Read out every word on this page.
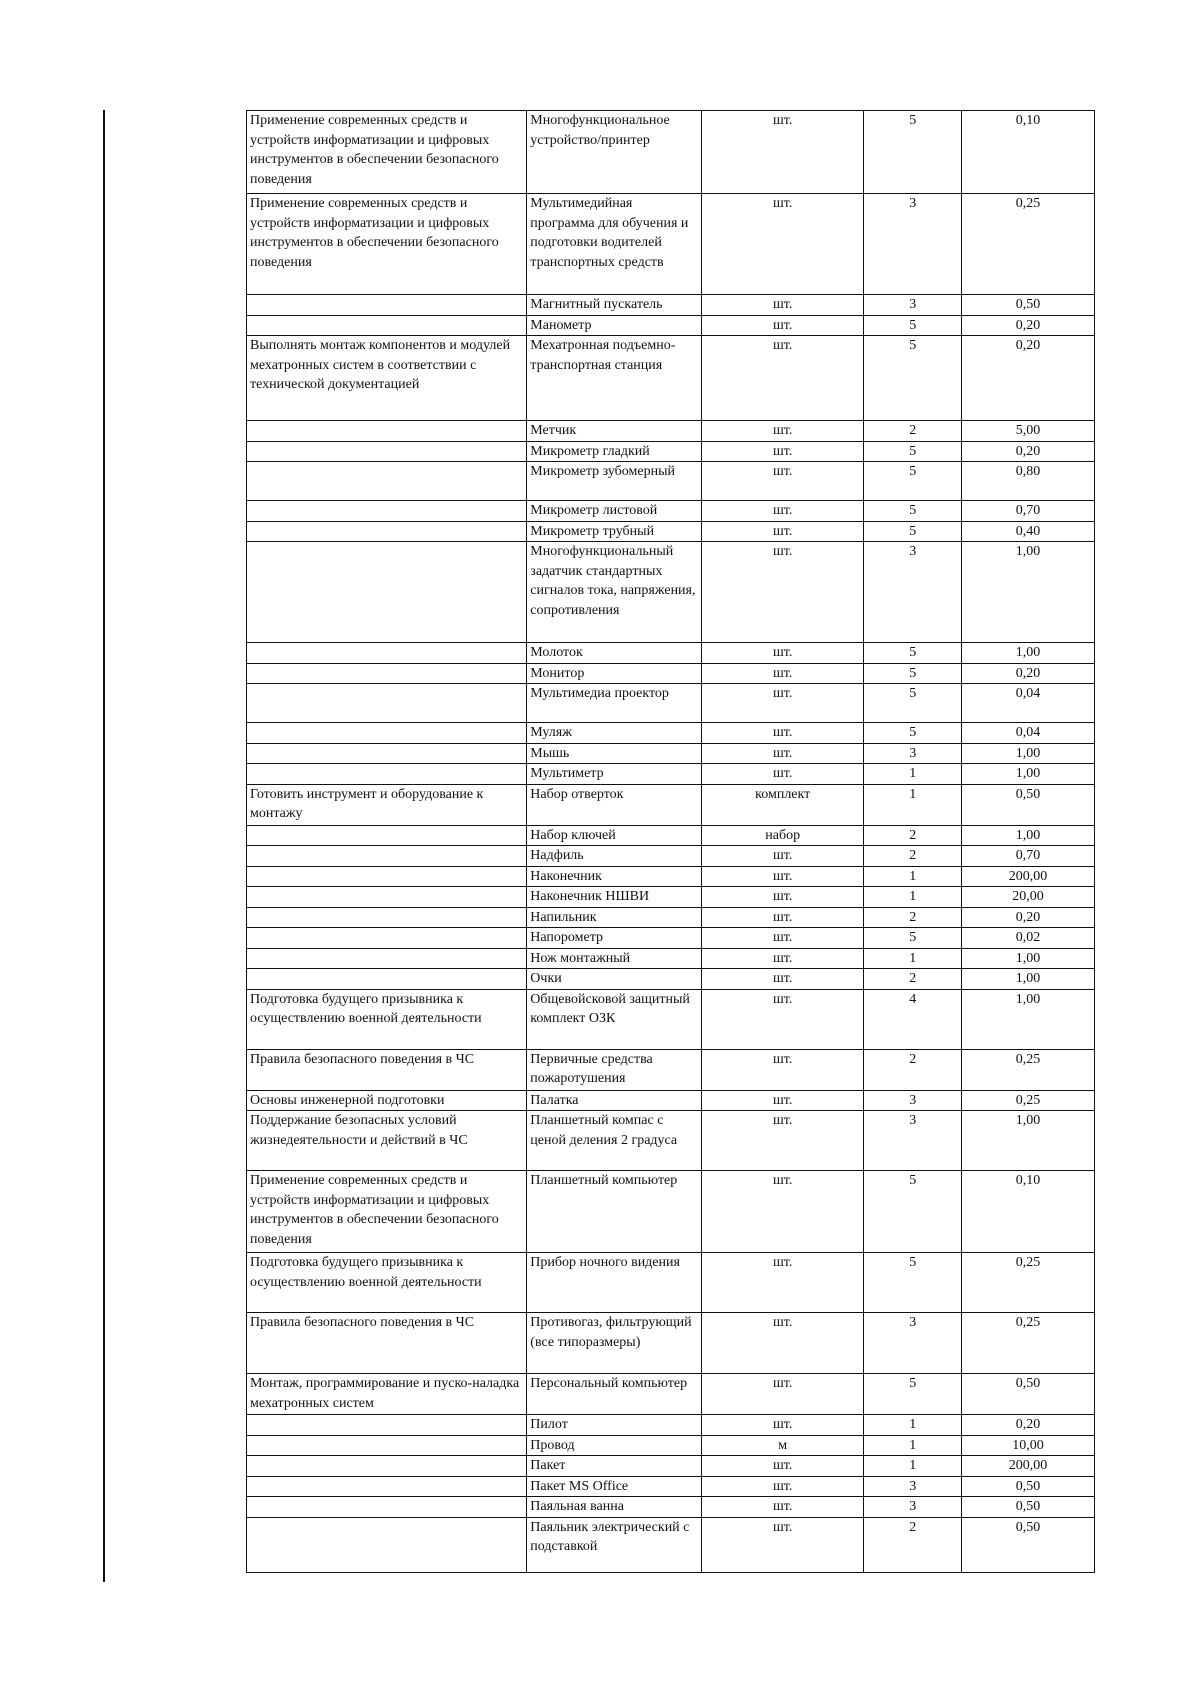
Применение современных средств и устройств информатизации и цифровых инструментов в обеспечении безопасного поведения	Многофункциональное устройство/принтер	шт.	5	0,10
Применение современных средств и устройств информатизации и цифровых инструментов в обеспечении безопасного поведения	Мультимедийная программа для обучения и подготовки водителей транспортных средств	шт.	3	0,25
	Магнитный пускатель	шт.	3	0,50
	Манометр	шт.	5	0,20
Выполнять монтаж компонентов и модулей мехатронных систем в соответствии с технической документацией	Мехатронная подъемно-транспортная станция	шт.	5	0,20
	Метчик	шт.	2	5,00
	Микрометр гладкий	шт.	5	0,20
	Микрометр зубомерный	шт.	5	0,80
	Микрометр листовой	шт.	5	0,70
	Микрометр трубный	шт.	5	0,40
	Многофункциональный задатчик стандартных сигналов тока, напряжения, сопротивления	шт.	3	1,00
	Молоток	шт.	5	1,00
	Монитор	шт.	5	0,20
	Мультимедиа проектор	шт.	5	0,04
	Муляж	шт.	5	0,04
	Мышь	шт.	3	1,00
	Мультиметр	шт.	1	1,00
Готовить инструмент и оборудование к монтажу	Набор отверток	комплект	1	0,50
	Набор ключей	набор	2	1,00
	Надфиль	шт.	2	0,70
	Наконечник	шт.	1	200,00
	Наконечник НШВИ	шт.	1	20,00
	Напильник	шт.	2	0,20
	Напорометр	шт.	5	0,02
	Нож монтажный	шт.	1	1,00
	Очки	шт.	2	1,00
Подготовка будущего призывника к осуществлению военной деятельности	Общевойсковой защитный комплект ОЗК	шт.	4	1,00
Правила безопасного поведения в ЧС	Первичные средства пожаротушения	шт.	2	0,25
Основы инженерной подготовки	Палатка	шт.	3	0,25
Поддержание безопасных условий жизнедеятельности и действий в ЧС	Планшетный компас с ценой деления 2 градуса	шт.	3	1,00
Применение современных средств и устройств информатизации и цифровых инструментов в обеспечении безопасного поведения	Планшетный компьютер	шт.	5	0,10
Подготовка будущего призывника к осуществлению военной деятельности	Прибор ночного видения	шт.	5	0,25
Правила безопасного поведения в ЧС	Противогаз, фильтрующий (все типоразмеры)	шт.	3	0,25
Монтаж, программирование и пуско-наладка мехатронных систем	Персональный компьютер	шт.	5	0,50
	Пилот	шт.	1	0,20
	Провод	м	1	10,00
	Пакет	шт.	1	200,00
	Пакет MS Office	шт.	3	0,50
	Паяльная ванна	шт.	3	0,50
	Паяльник электрический с подставкой	шт.	2	0,50
